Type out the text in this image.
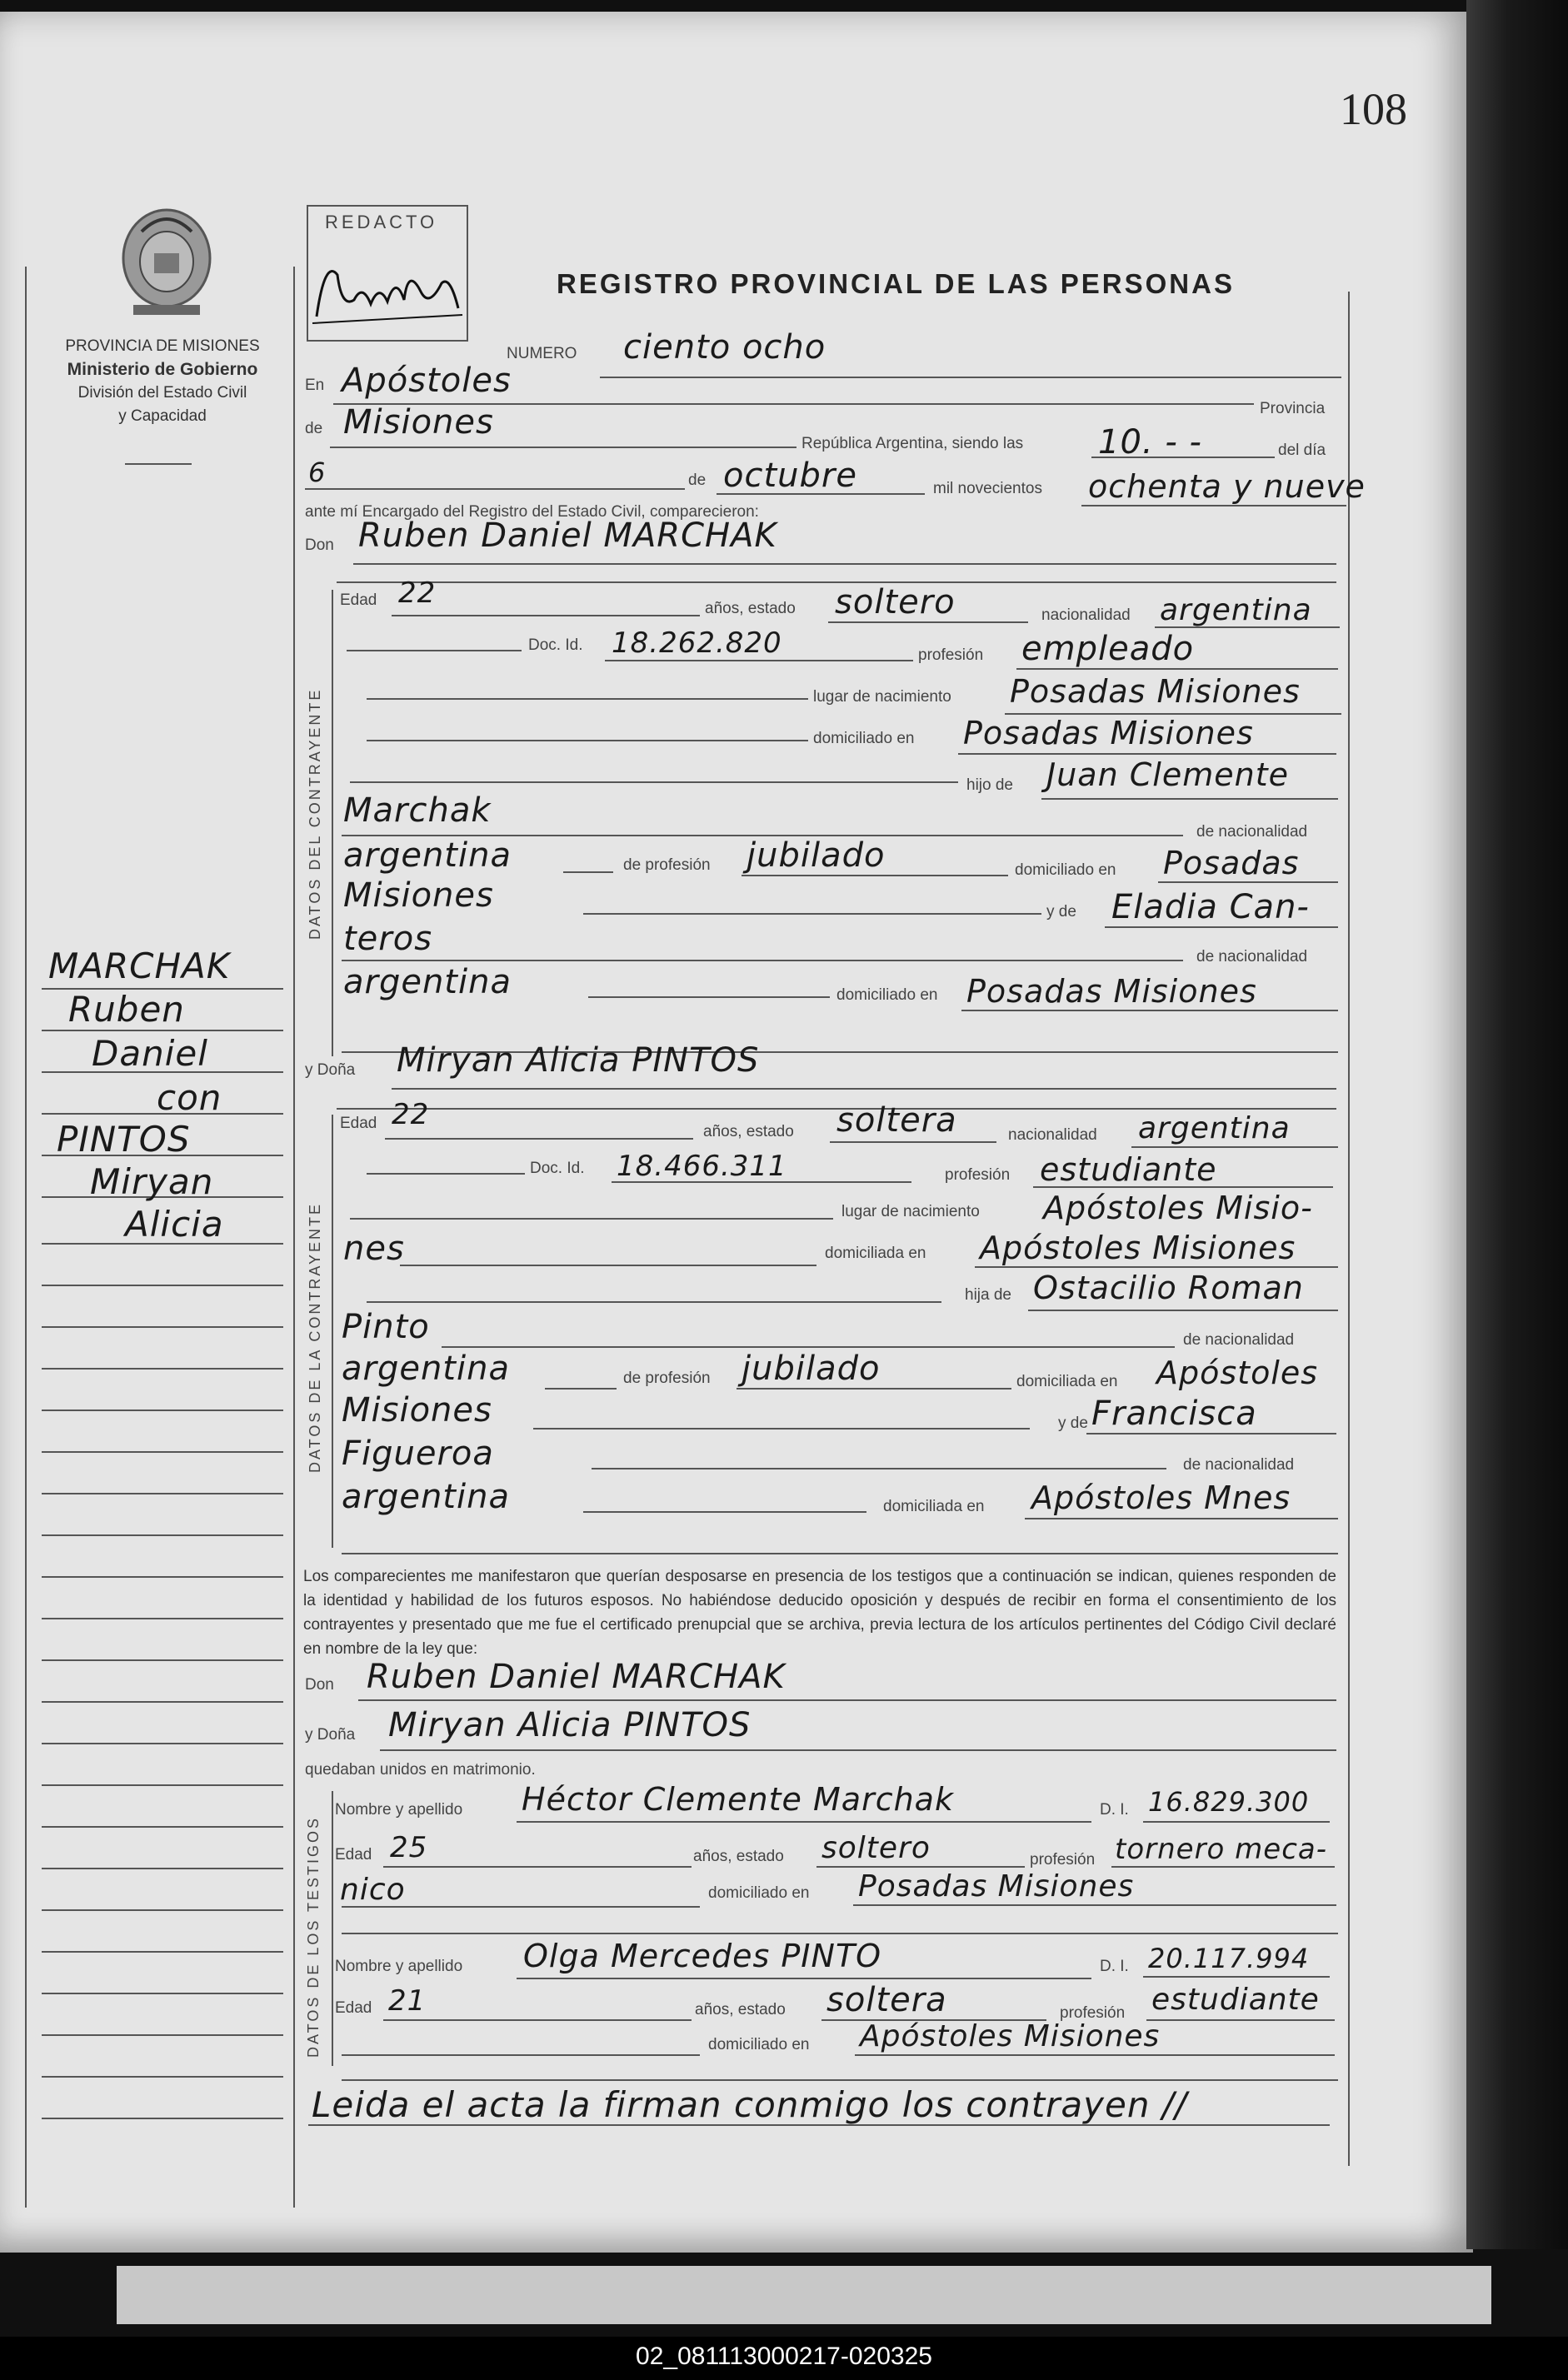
108
PROVINCIA DE MISIONES
Ministerio de Gobierno
División del Estado Civil
y Capacidad
REDACTO
REGISTRO PROVINCIAL DE LAS PERSONAS
MARCHAK
Ruben
Daniel
con
PINTOS
Miryan
Alicia
NUMERO ciento ocho
En Apóstoles
Provincia
de Misiones
República Argentina, siendo las 10. - -	del día
6	de octubre	mil novecientos ochenta y nueve
ante mí Encargado del Registro del Estado Civil, comparecieron:
Don Ruben Daniel MARCHAK
DATOS DEL CONTRAYENTE
Edad 22	años, estado soltero	nacionalidad argentina
Doc. Id. 18.262.820	profesión empleado
lugar de nacimiento Posadas Misiones
domiciliado en Posadas Misiones
hijo de Juan Clemente
Marchak
de nacionalidad
argentina	de profesión jubilado	domiciliado en Posadas
Misiones	y de Eladia Can-
teros	de nacionalidad
argentina	domiciliado en Posadas Misiones
y Doña Miryan Alicia PINTOS
DATOS DE LA CONTRAYENTE
Edad 22
años, estado soltera	nacionalidad argentina
Doc. Id. 18.466.311	profesión estudiante
lugar de nacimiento Apóstoles Misio-
nes	domiciliada en Apóstoles Misiones
hija de Ostacilio Roman
Pinto	de nacionalidad
argentina	de profesión jubilado	domiciliada en Apóstoles
Misiones	y de Francisca
Figueroa	de nacionalidad
argentina	domiciliada en Apóstoles Mnes
Los comparecientes me manifestaron que querían desposarse en presencia de los testigos que a continuación se indican, quienes responden de la identidad y habilidad de los futuros esposos. No habiéndose deducido oposición y después de recibir en forma el consentimiento de los contrayentes y presentado que me fue el certificado prenupcial que se archiva, previa lectura de los artículos pertinentes del Código Civil declaré en nombre de la ley que:
Don Ruben Daniel MARCHAK
y Doña Miryan Alicia PINTOS
quedaban unidos en matrimonio.
DATOS DE LOS TESTIGOS
Nombre y apellido Héctor Clemente Marchak	D. I. 16.829.300
Edad 25	años, estado soltero	profesión tornero meca-
nico	domiciliado en Posadas Misiones
Nombre y apellido Olga Mercedes PINTO	D. I. 20.117.994
Edad 21	años, estado soltera	profesión estudiante
domiciliado en Apóstoles Misiones
Leida el acta la firman conmigo los contrayen //
02_081113000217-020325
